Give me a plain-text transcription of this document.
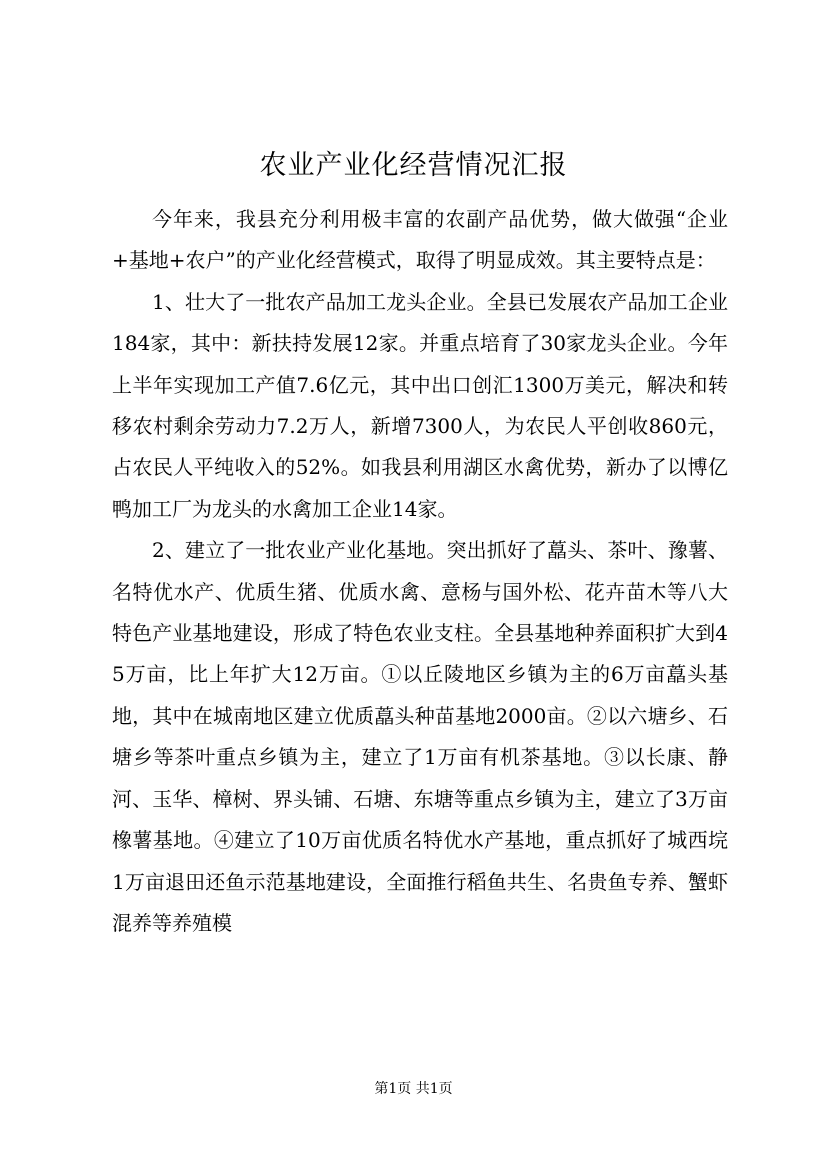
农业产业化经营情况汇报

今年来，我县充分利用极丰富的农副产品优势，做大做强“企业+基地+农户”的产业化经营模式，取得了明显成效。其主要特点是：

1、壮大了一批农产品加工龙头企业。全县已发展农产品加工企业184家，其中：新扶持发展12家。并重点培育了30家龙头企业。今年上半年实现加工产值7.6亿元，其中出口创汇1300万美元，解决和转移农村剩余劳动力7.2万人，新增7300人，为农民人平创收860元，占农民人平纯收入的52%。如我县利用湖区水禽优势，新办了以博亿鸭加工厂为龙头的水禽加工企业14家。

2、建立了一批农业产业化基地。突出抓好了藠头、茶叶、豫薯、名特优水产、优质生猪、优质水禽、意杨与国外松、花卉苗木等八大特色产业基地建设，形成了特色农业支柱。全县基地种养面积扩大到45万亩，比上年扩大12万亩。①以丘陵地区乡镇为主的6万亩藠头基地，其中在城南地区建立优质藠头种苗基地2000亩。②以六塘乡、石塘乡等茶叶重点乡镇为主，建立了1万亩有机茶基地。③以长康、静河、玉华、樟树、界头铺、石塘、东塘等重点乡镇为主，建立了3万亩橡薯基地。④建立了10万亩优质名特优水产基地，重点抓好了城西垸1万亩退田还鱼示范基地建设，全面推行稻鱼共生、名贵鱼专养、蟹虾混养等养殖模

第1页 共1页
